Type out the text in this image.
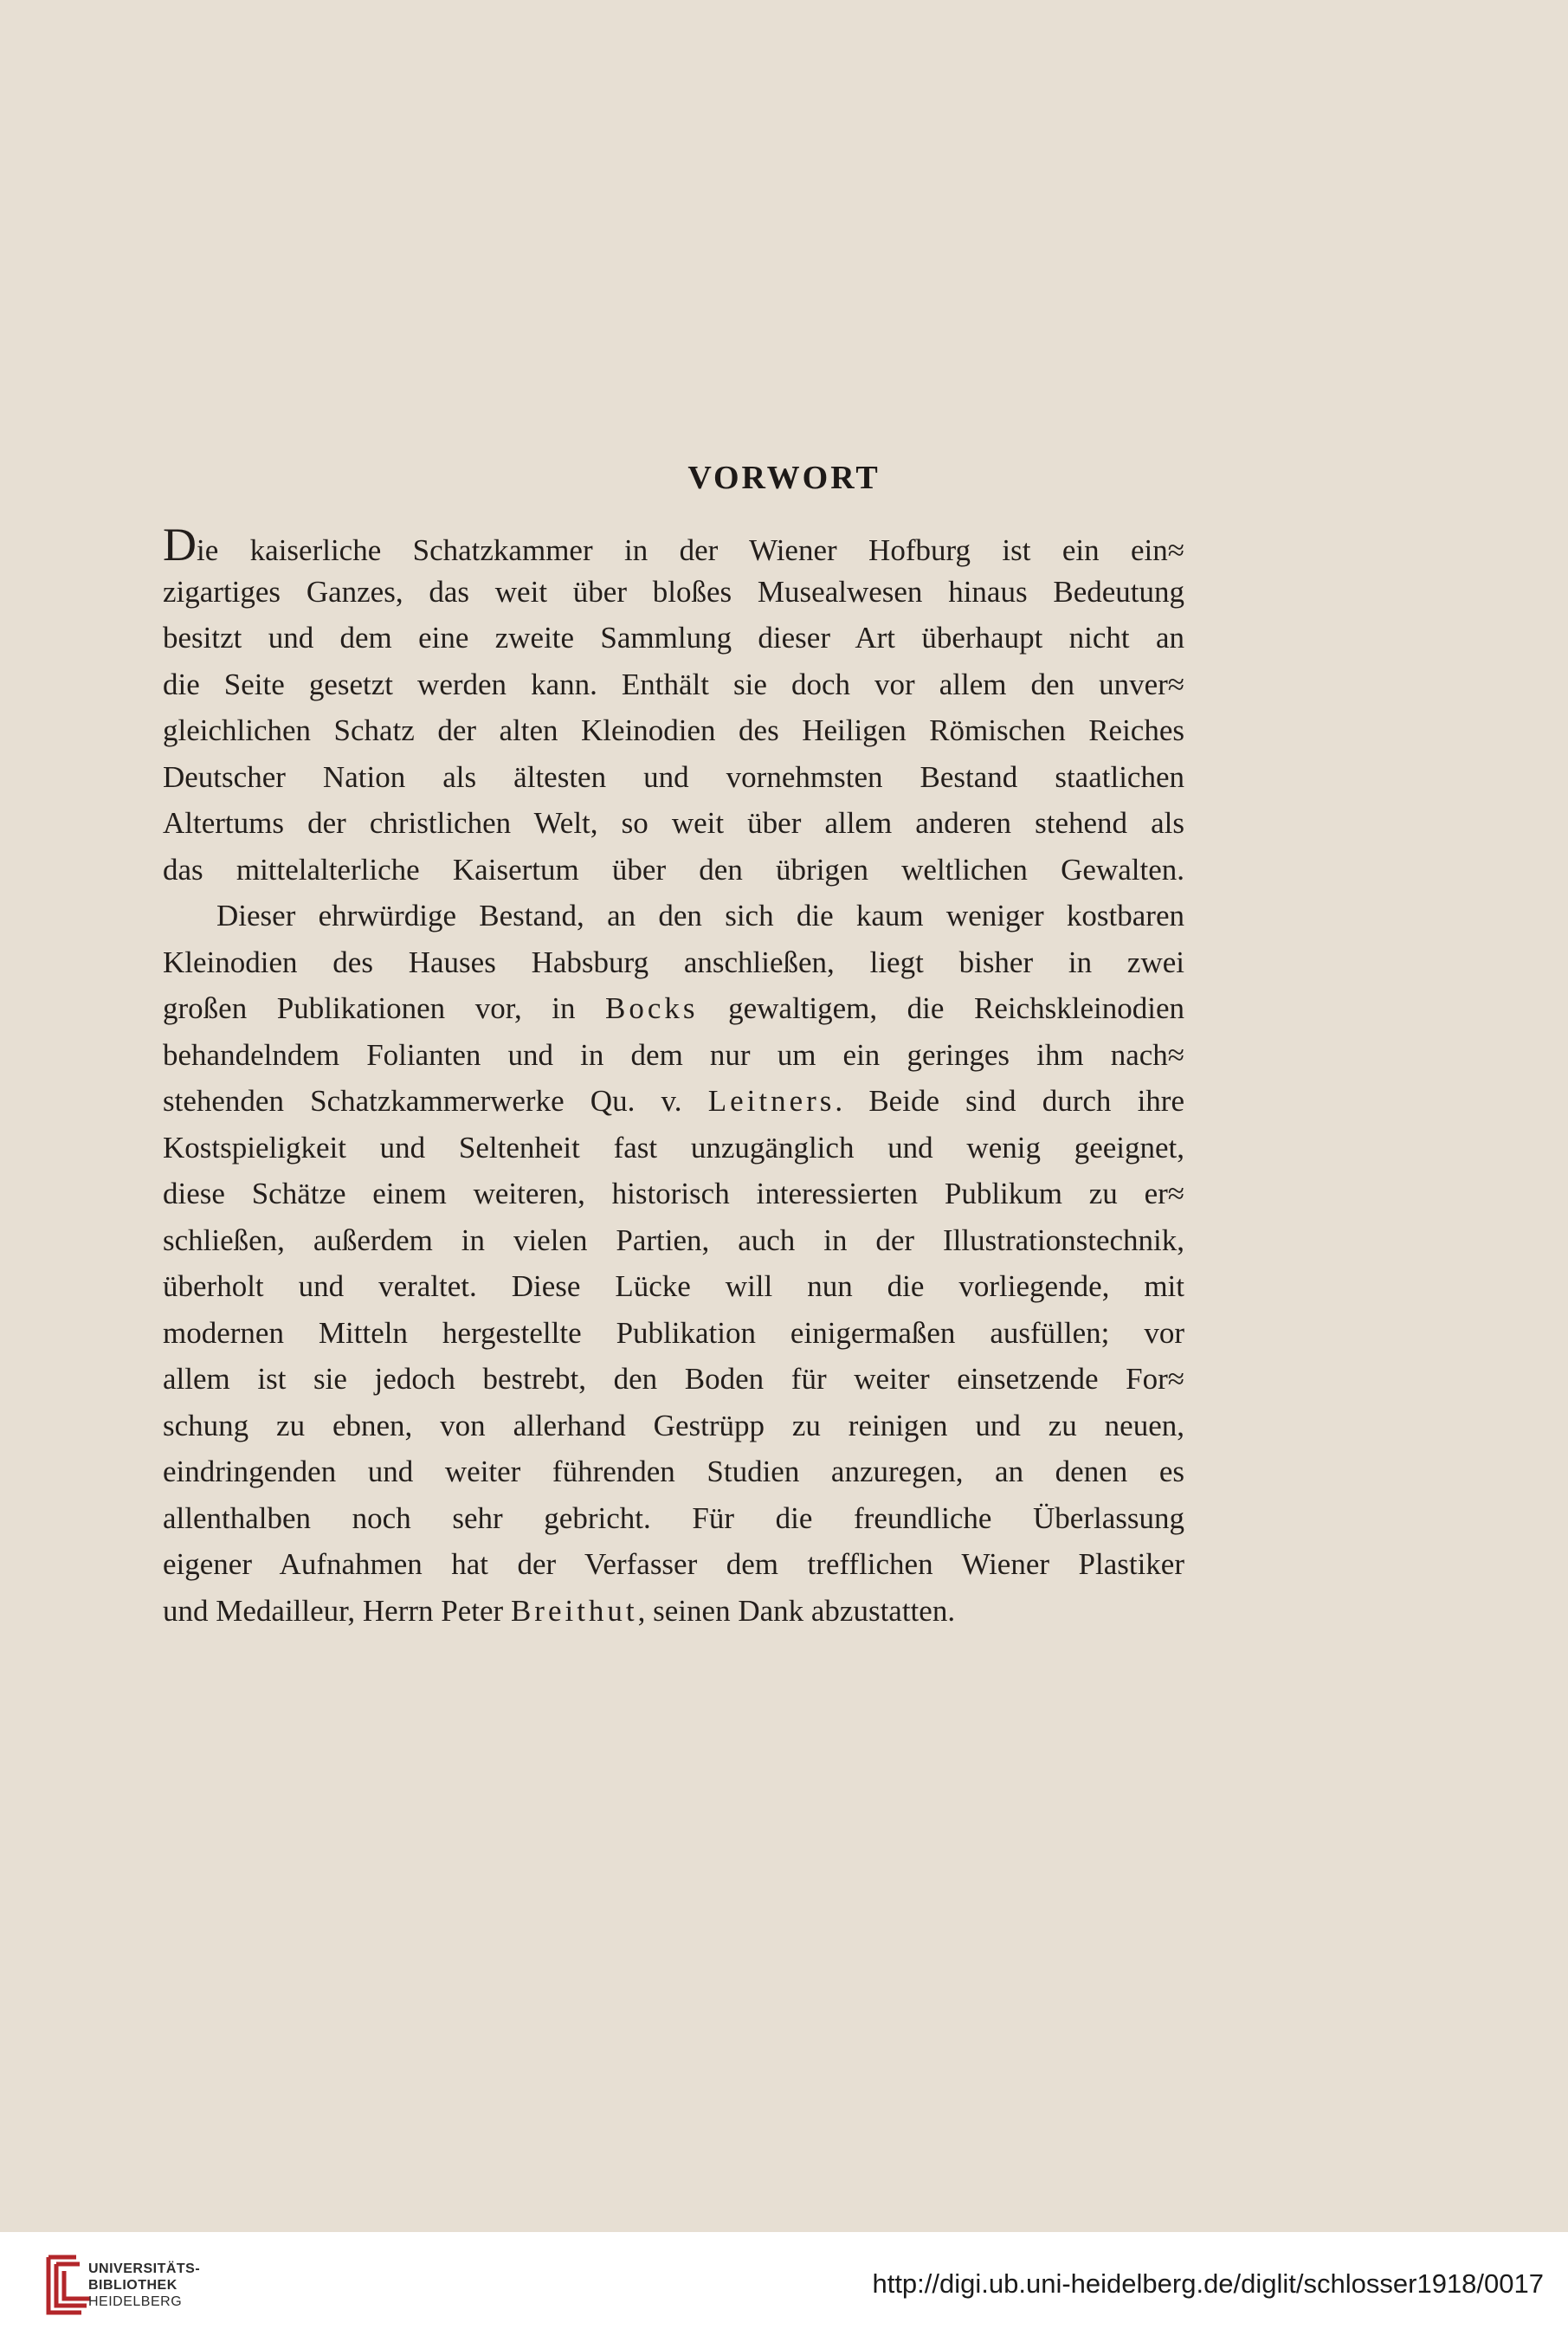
VORWORT
Die kaiserliche Schatzkammer in der Wiener Hofburg ist ein ein≈
zigartiges Ganzes, das weit über bloßes Musealwesen hinaus Bedeutung
besitzt und dem eine zweite Sammlung dieser Art überhaupt nicht an
die Seite gesetzt werden kann. Enthält sie doch vor allem den unver≈
gleichlichen Schatz der alten Kleinodien des Heiligen Römischen Reiches
Deutscher Nation als ältesten und vornehmsten Bestand staatlichen
Altertums der christlichen Welt, so weit über allem anderen stehend als
das mittelalterliche Kaisertum über den übrigen weltlichen Gewalten.
Dieser ehrwürdige Bestand, an den sich die kaum weniger kostbaren
Kleinodien des Hauses Habsburg anschließen, liegt bisher in zwei
großen Publikationen vor, in Bocks gewaltigem, die Reichskleinodien
behandelndem Folianten und in dem nur um ein geringes ihm nach≈
stehenden Schatzkammerwerke Qu. v. Leitners. Beide sind durch ihre
Kostspieligkeit und Seltenheit fast unzugänglich und wenig geeignet,
diese Schätze einem weiteren, historisch interessierten Publikum zu er≈
schließen, außerdem in vielen Partien, auch in der Illustrationstechnik,
überholt und veraltet. Diese Lücke will nun die vorliegende, mit
modernen Mitteln hergestellte Publikation einigermaßen ausfüllen; vor
allem ist sie jedoch bestrebt, den Boden für weiter einsetzende For≈
schung zu ebnen, von allerhand Gestrüpp zu reinigen und zu neuen,
eindringenden und weiter führenden Studien anzuregen, an denen es
allenthalben noch sehr gebricht. Für die freundliche Überlassung
eigener Aufnahmen hat der Verfasser dem trefflichen Wiener Plastiker
und Medailleur, Herrn Peter Breithut, seinen Dank abzustatten.
UNIVERSITÄTS-
BIBLIOTHEK
HEIDELBERG
http://digi.ub.uni-heidelberg.de/diglit/schlosser1918/0017
